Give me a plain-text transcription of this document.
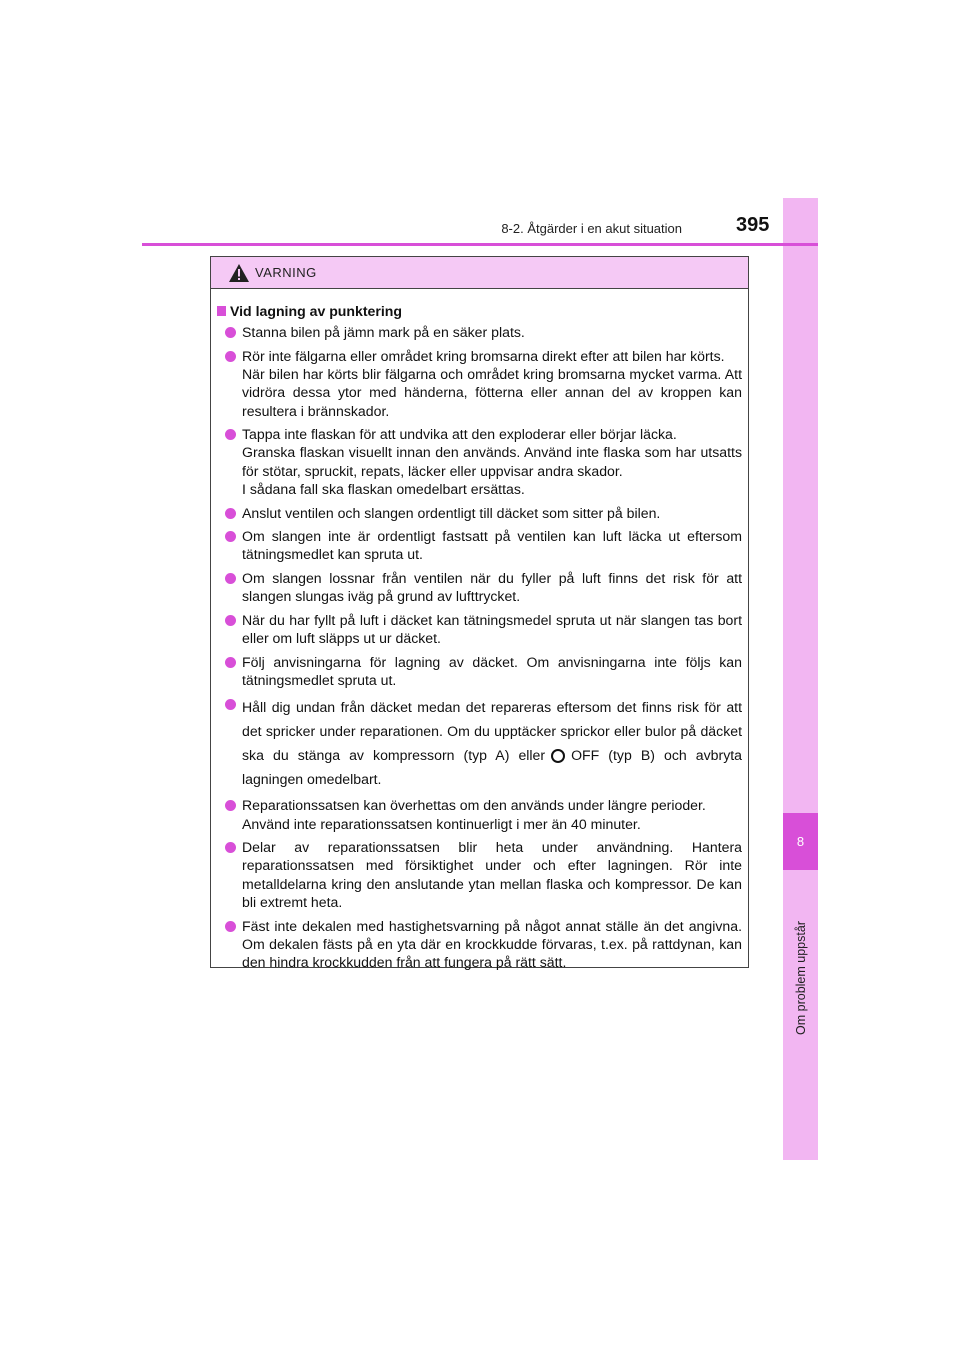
8
Om problem uppstår
8-2. Åtgärder i en akut situation	395
VARNING
Vid lagning av punktering
Stanna bilen på jämn mark på en säker plats.
Rör inte fälgarna eller området kring bromsarna direkt efter att bilen har körts.
När bilen har körts blir fälgarna och området kring bromsarna mycket varma. Att vidröra dessa ytor med händerna, fötterna eller annan del av kroppen kan resultera i brännskador.
Tappa inte flaskan för att undvika att den exploderar eller börjar läcka.
Granska flaskan visuellt innan den används. Använd inte flaska som har utsatts för stötar, spruckit, repats, läcker eller uppvisar andra skador.
I sådana fall ska flaskan omedelbart ersättas.
Anslut ventilen och slangen ordentligt till däcket som sitter på bilen.
Om slangen inte är ordentligt fastsatt på ventilen kan luft läcka ut eftersom tätningsmedlet kan spruta ut.
Om slangen lossnar från ventilen när du fyller på luft finns det risk för att slangen slungas iväg på grund av lufttrycket.
När du har fyllt på luft i däcket kan tätningsmedel spruta ut när slangen tas bort eller om luft släpps ut ur däcket.
Följ anvisningarna för lagning av däcket. Om anvisningarna inte följs kan tätningsmedlet spruta ut.
Håll dig undan från däcket medan det repareras eftersom det finns risk för att det spricker under reparationen. Om du upptäcker sprickor eller bulor på däcket ska du stänga av kompressorn (typ A) eller OFF (typ B) och avbryta lagningen omedelbart.
Reparationssatsen kan överhettas om den används under längre perioder.
Använd inte reparationssatsen kontinuerligt i mer än 40 minuter.
Delar av reparationssatsen blir heta under användning. Hantera reparationssatsen med försiktighet under och efter lagningen. Rör inte metalldelarna kring den anslutande ytan mellan flaska och kompressor. De kan bli extremt heta.
Fäst inte dekalen med hastighetsvarning på något annat ställe än det angivna. Om dekalen fästs på en yta där en krockkudde förvaras, t.ex. på rattdynan, kan den hindra krockkudden från att fungera på rätt sätt.
